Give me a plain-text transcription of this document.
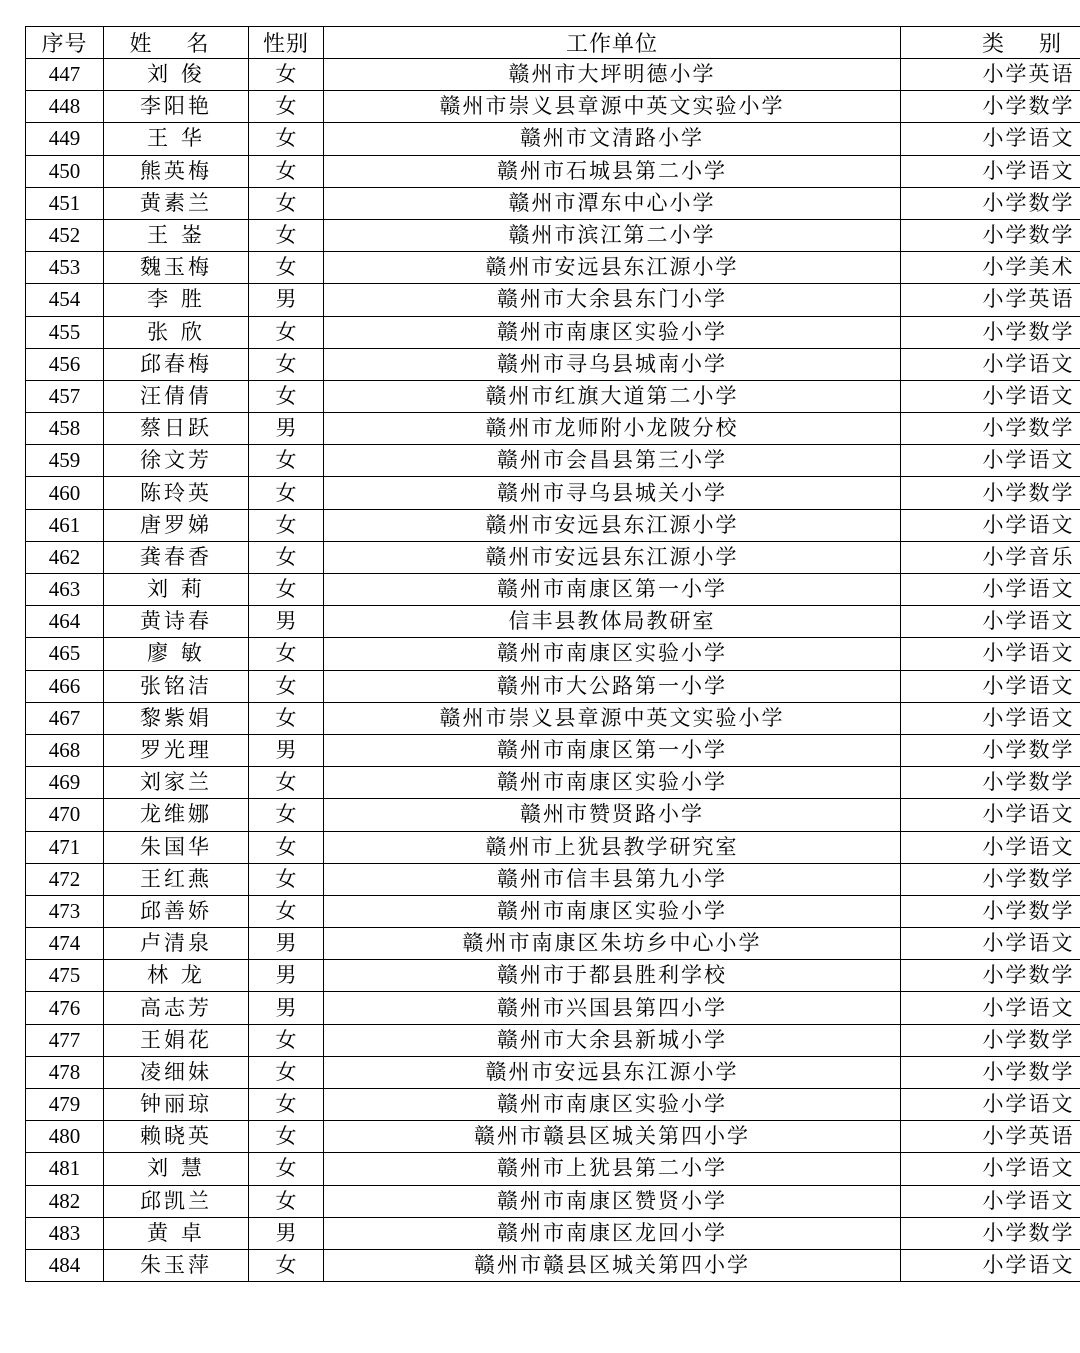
序号	姓 名	性别	工作单位	类 别
447	刘 俊	女	赣州市大坪明德小学	小学英语
448	李阳艳	女	赣州市崇义县章源中英文实验小学	小学数学
449	王 华	女	赣州市文清路小学	小学语文
450	熊英梅	女	赣州市石城县第二小学	小学语文
451	黄素兰	女	赣州市潭东中心小学	小学数学
452	王 崟	女	赣州市滨江第二小学	小学数学
453	魏玉梅	女	赣州市安远县东江源小学	小学美术
454	李 胜	男	赣州市大余县东门小学	小学英语
455	张 欣	女	赣州市南康区实验小学	小学数学
456	邱春梅	女	赣州市寻乌县城南小学	小学语文
457	汪倩倩	女	赣州市红旗大道第二小学	小学语文
458	蔡日跃	男	赣州市龙师附小龙陂分校	小学数学
459	徐文芳	女	赣州市会昌县第三小学	小学语文
460	陈玲英	女	赣州市寻乌县城关小学	小学数学
461	唐罗娣	女	赣州市安远县东江源小学	小学语文
462	龚春香	女	赣州市安远县东江源小学	小学音乐
463	刘 莉	女	赣州市南康区第一小学	小学语文
464	黄诗春	男	信丰县教体局教研室	小学语文
465	廖 敏	女	赣州市南康区实验小学	小学语文
466	张铭洁	女	赣州市大公路第一小学	小学语文
467	黎紫娟	女	赣州市崇义县章源中英文实验小学	小学语文
468	罗光理	男	赣州市南康区第一小学	小学数学
469	刘家兰	女	赣州市南康区实验小学	小学数学
470	龙维娜	女	赣州市赞贤路小学	小学语文
471	朱国华	女	赣州市上犹县教学研究室	小学语文
472	王红燕	女	赣州市信丰县第九小学	小学数学
473	邱善娇	女	赣州市南康区实验小学	小学数学
474	卢清泉	男	赣州市南康区朱坊乡中心小学	小学语文
475	林 龙	男	赣州市于都县胜利学校	小学数学
476	高志芳	男	赣州市兴国县第四小学	小学语文
477	王娟花	女	赣州市大余县新城小学	小学数学
478	凌细妹	女	赣州市安远县东江源小学	小学数学
479	钟丽琼	女	赣州市南康区实验小学	小学语文
480	赖晓英	女	赣州市赣县区城关第四小学	小学英语
481	刘 慧	女	赣州市上犹县第二小学	小学语文
482	邱凯兰	女	赣州市南康区赞贤小学	小学语文
483	黄 卓	男	赣州市南康区龙回小学	小学数学
484	朱玉萍	女	赣州市赣县区城关第四小学	小学语文
